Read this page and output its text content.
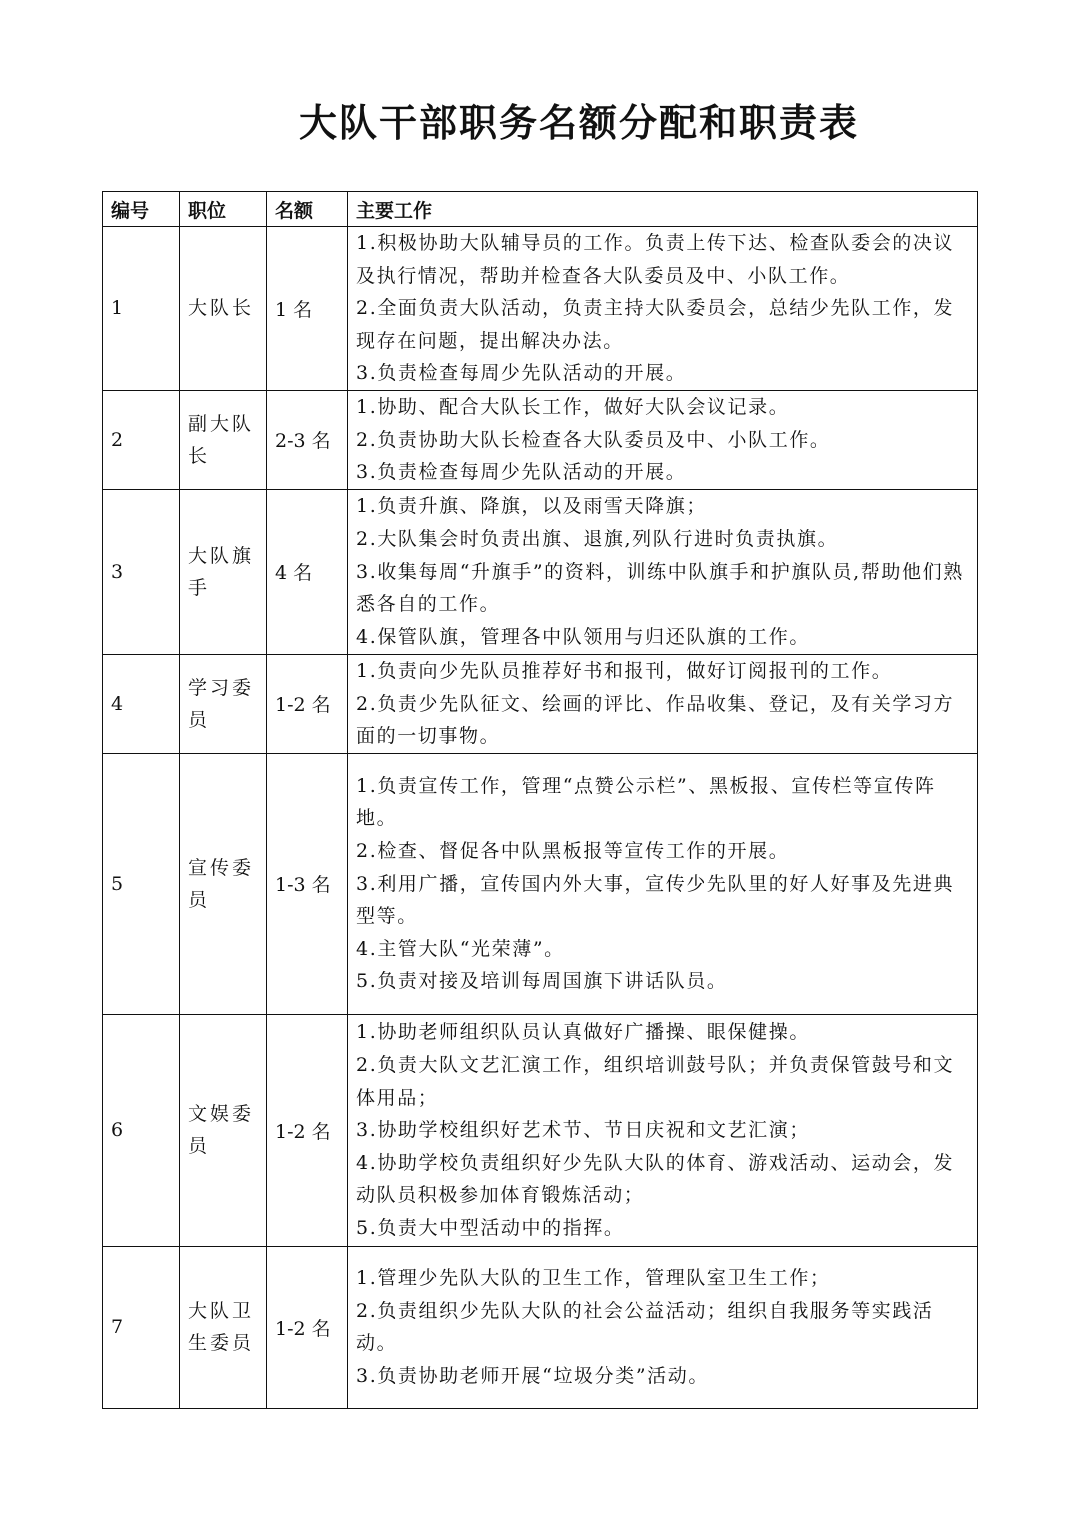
大队干部职务名额分配和职责表
编号	职位	名额	主要工作
1	大队长	1 名	1.积极协助大队辅导员的工作。负责上传下达、检查队委会的决议及执行情况，帮助并检查各大队委员及中、小队工作。
2.全面负责大队活动，负责主持大队委员会，总结少先队工作，发现存在问题，提出解决办法。
3.负责检查每周少先队活动的开展。

2	副大队长	2-3 名	1.协助、配合大队长工作，做好大队会议记录。
2.负责协助大队长检查各大队委员及中、小队工作。
3.负责检查每周少先队活动的开展。

3	大队旗手	4 名	1.负责升旗、降旗，以及雨雪天降旗；
2.大队集会时负责出旗、退旗,列队行进时负责执旗。
3.收集每周“升旗手”的资料，训练中队旗手和护旗队员,帮助他们熟悉各自的工作。
4.保管队旗，管理各中队领用与归还队旗的工作。

4	学习委员	1-2 名	1.负责向少先队员推荐好书和报刊，做好订阅报刊的工作。
2.负责少先队征文、绘画的评比、作品收集、登记，及有关学习方面的一切事物。

5	宣传委员	1-3 名	1.负责宣传工作，管理“点赞公示栏”、黑板报、宣传栏等宣传阵地。
2.检查、督促各中队黑板报等宣传工作的开展。
3.利用广播，宣传国内外大事，宣传少先队里的好人好事及先进典型等。
4.主管大队“光荣薄”。
5.负责对接及培训每周国旗下讲话队员。

6	文娱委员	1-2 名	1.协助老师组织队员认真做好广播操、眼保健操。
2.负责大队文艺汇演工作，组织培训鼓号队；并负责保管鼓号和文体用品；
3.协助学校组织好艺术节、节日庆祝和文艺汇演；
4.协助学校负责组织好少先队大队的体育、游戏活动、运动会，发动队员积极参加体育锻炼活动；
5.负责大中型活动中的指挥。

7	大队卫生委员	1-2 名	1.管理少先队大队的卫生工作，管理队室卫生工作；
2.负责组织少先队大队的社会公益活动；组织自我服务等实践活动。
3.负责协助老师开展“垃圾分类”活动。
